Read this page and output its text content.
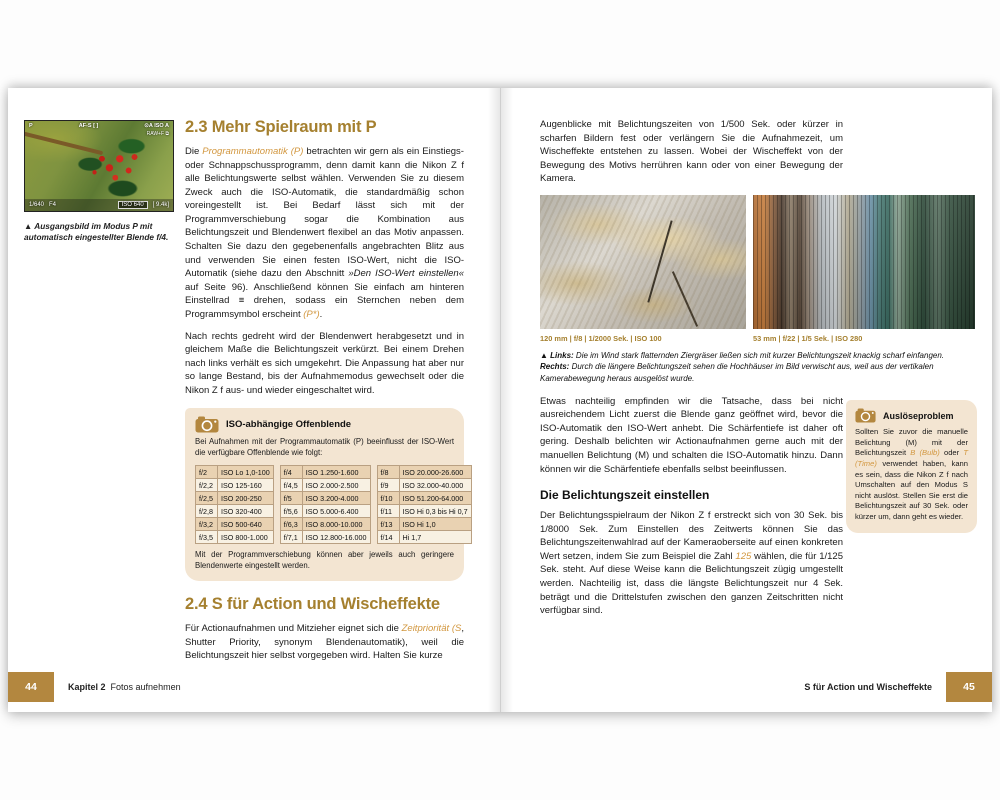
P	AF-S [ ]	⊙A ISO A
RAW+F ⧉
1/640 F4	ISO 640	[ 9.4k]
▲ Ausgangsbild im Modus P mit automatisch eingestellter Blende f/4.
2.3 Mehr Spielraum mit P

Die Programmautomatik (P) betrachten wir gern als ein Einstiegs- oder Schnappschussprogramm, denn damit kann die Nikon Z f alle Belichtungswerte selbst wählen. Verwenden Sie zu diesem Zweck auch die ISO-Automatik, die standardmäßig schon voreingestellt ist. Bei Bedarf lässt sich mit der Programmverschiebung sogar die Kombination aus Belichtungszeit und Blendenwert flexibel an das Motiv anpassen. Schalten Sie dazu den gegebenenfalls angebrachten Blitz aus und verwenden Sie einen festen ISO-Wert, nicht die ISO-Automatik (siehe dazu den Abschnitt »Den ISO-Wert einstellen« auf Seite 96). Anschließend können Sie einfach am hinteren Einstellrad ≡ drehen, sodass ein Sternchen neben dem Programmsymbol erscheint (P*).

Nach rechts gedreht wird der Blendenwert herabgesetzt und in gleichem Maße die Belichtungszeit verkürzt. Bei einem Drehen nach links verhält es sich umgekehrt. Die Anpassung hat aber nur so lange Bestand, bis der Aufnahmemodus gewechselt oder die Nikon Z f aus- und wieder eingeschaltet wird.

ISO-abhängige Offenblende
Bei Aufnahmen mit der Programmautomatik (P) beeinflusst der ISO-Wert die verfügbare Offenblende wie folgt:
f/2	ISO Lo 1,0-100
f/2,2	ISO 125-160
f/2,5	ISO 200-250
f/2,8	ISO 320-400
f/3,2	ISO 500-640
f/3,5	ISO 800-1.000
f/4	ISO 1.250-1.600
f/4,5	ISO 2.000-2.500
f/5	ISO 3.200-4.000
f/5,6	ISO 5.000-6.400
f/6,3	ISO 8.000-10.000
f/7,1	ISO 12.800-16.000
f/8	ISO 20.000-26.600
f/9	ISO 32.000-40.000
f/10	ISO 51.200-64.000
f/11	ISO Hi 0,3 bis Hi 0,7
f/13	ISO Hi 1,0
f/14	Hi 1,7
Mit der Programmverschiebung können aber jeweils auch geringere Blendenwerte eingestellt werden.
2.4 S für Action und Wischeffekte

Für Actionaufnahmen und Mitzieher eignet sich die Zeitpriorität (S, Shutter Priority, synonym Blendenautomatik), weil die Belichtungszeit hier selbst vorgegeben wird. Halten Sie kurze

44	Kapitel 2 Fotos aufnehmen

Augenblicke mit Belichtungszeiten von 1/500 Sek. oder kürzer in scharfen Bildern fest oder verlängern Sie die Aufnahmezeit, um Wischeffekte entstehen zu lassen. Wobei der Wischeffekt von der Bewegung des Motivs herrühren kann oder von einer Bewegung der Kamera.

120 mm | f/8 | 1/2000 Sek. | ISO 100	53 mm | f/22 | 1/5 Sek. | ISO 280
▲ Links: Die im Wind stark flatternden Ziergräser ließen sich mit kurzer Belichtungszeit knackig scharf einfangen.
Rechts: Durch die längere Belichtungszeit sehen die Hochhäuser im Bild verwischt aus, weil aus der vertikalen Kamerabewegung heraus ausgelöst wurde.

Etwas nachteilig empfinden wir die Tatsache, dass bei nicht ausreichendem Licht zuerst die Blende ganz geöffnet wird, bevor die ISO-Automatik den ISO-Wert anhebt. Die Schärfentiefe ist daher oft gering. Deshalb belichten wir Actionaufnahmen gerne auch mit der manuellen Belichtung (M) und schalten die ISO-Automatik hinzu. Dann können wir die Schärfentiefe ebenfalls selbst beeinflussen.

Die Belichtungszeit einstellen

Der Belichtungsspielraum der Nikon Z f erstreckt sich von 30 Sek. bis 1/8000 Sek. Zum Einstellen des Zeitwerts können Sie das Belichtungszeitenwahlrad auf der Kameraoberseite auf einen konkreten Wert setzen, indem Sie zum Beispiel die Zahl 125 wählen, die für 1/125 Sek. steht. Auf diese Weise kann die Belichtungszeit zügig umgestellt werden. Nachteilig ist, dass die längste Belichtungszeit nur 4 Sek. beträgt und die Drittelstufen zwischen den ganzen Zeitschritten nicht verfügbar sind.

Auslöseproblem
Sollten Sie zuvor die manuelle Belichtung (M) mit der Belichtungszeit B (Bulb) oder T (Time) verwendet haben, kann es sein, dass die Nikon Z f nach Umschalten auf den Modus S nicht auslöst. Stellen Sie erst die Belichtungszeit auf 30 Sek. oder kürzer um, dann geht es wieder.
S für Action und Wischeffekte	45
